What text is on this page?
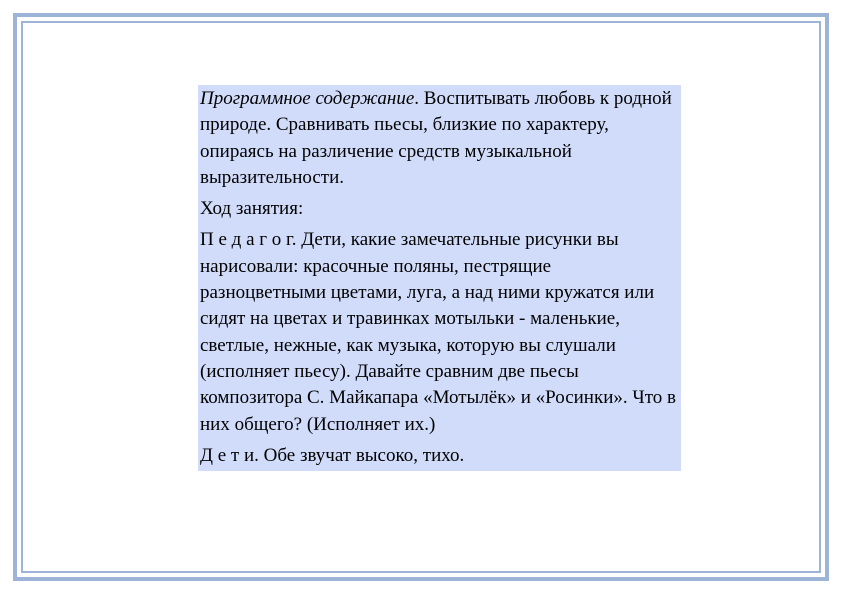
Программное содержание. Воспитывать любовь к родной природе. Сравнивать пьесы, близкие по характеру, опираясь на различение средств музыкальной выразительности.

Ход занятия:

П е д а г о г. Дети, какие замечательные рисунки вы нарисовали: красочные поляны, пестрящие разноцветными цветами, луга, а над ними кружатся или сидят на цветах и травинках мотыльки - маленькие, светлые, нежные, как музыка, которую вы слушали (исполняет пьесу). Давайте сравним две пьесы композитора С. Майкапара «Мотылёк» и «Росинки». Что в них общего? (Исполняет их.)

Д е т и. Обе звучат высоко, тихо.
